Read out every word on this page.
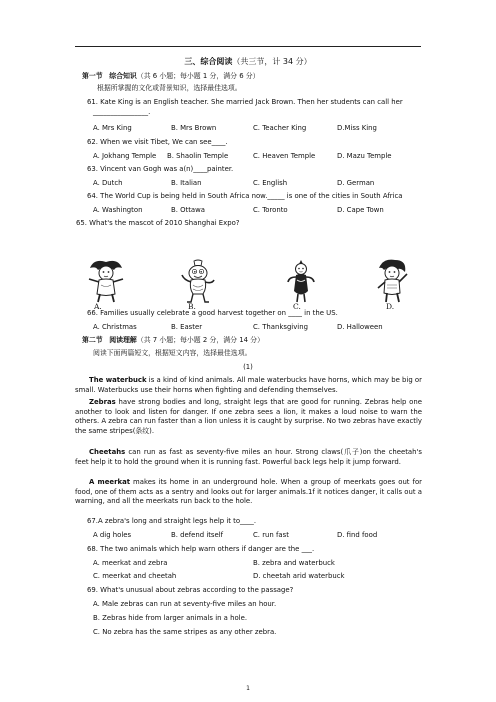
三、综合阅读（共三节，计 34 分）
第一节 综合知识（共 6 小题；每小题 1 分，满分 6 分）
根据所掌握的文化或背景知识，选择最佳选项。
61. Kate King is an English teacher. She married Jack Brown. Then her students can call her
________________.
A. Mrs King	B. Mrs Brown	C. Teacher King	D.Miss King
62. When we visit Tibet, We can see____.
A. Jokhang Temple B. Shaolin Temple	C. Heaven Temple	D. Mazu Temple
63. Vincent van Gogh was a(n)____painter.
A. Dutch	B. Italian	C. English	D. German
64. The World Cup is being held in South Africa now._____ is one of the cities in South Africa
A. Washington	B. Ottawa	C. Toronto	D. Cape Town
65. What's the mascot of 2010 Shanghai Expo?
A.	B.	C.	D.
66. Families usually celebrate a good harvest together on ____ in the US.
A. Christmas	B. Easter	C. Thanksgiving	D. Halloween
第二节 阅读理解（共 7 小题；每小题 2 分，满分 14 分）
阅读下面两篇短文，根据短文内容，选择最佳选项。
(1)
The waterbuck is a kind of kind animals. All male waterbucks have horns, which may be big or small. Waterbucks use their horns when fighting and defending themselves.
Zebras have strong bodies and long, straight legs that are good for running. Zebras help one another to look and listen for danger. If one zebra sees a lion, it makes a loud noise to warn the others. A zebra can run faster than a lion unless it is caught by surprise. No two zebras have exactly the same stripes(条纹).
Cheetahs can run as fast as seventy-five miles an hour. Strong claws(爪子)on the cheetah's feet help it to hold the ground when it is running fast. Powerful back legs help it jump forward.
A meerkat makes its home in an underground hole. When a group of meerkats goes out for food, one of them acts as a sentry and looks out for larger animals.1f it notices danger, it calls out a warning, and all the meerkats run back to the hole.
67.A zebra's long and straight legs help it to____.
A dig holes	B. defend itself	C. run fast	D. find food
68. The two animals which help warn others if danger are the ___.
A. meerkat and zebra	B. zebra and waterbuck
C. meerkat and cheetah	D. cheetah arid waterbuck
69. What's unusual about zebras according to the passage?
A. Male zebras can run at seventy-five miles an hour.
B. Zebras hide from larger animals in a hole.
C. No zebra has the same stripes as any other zebra.
1
